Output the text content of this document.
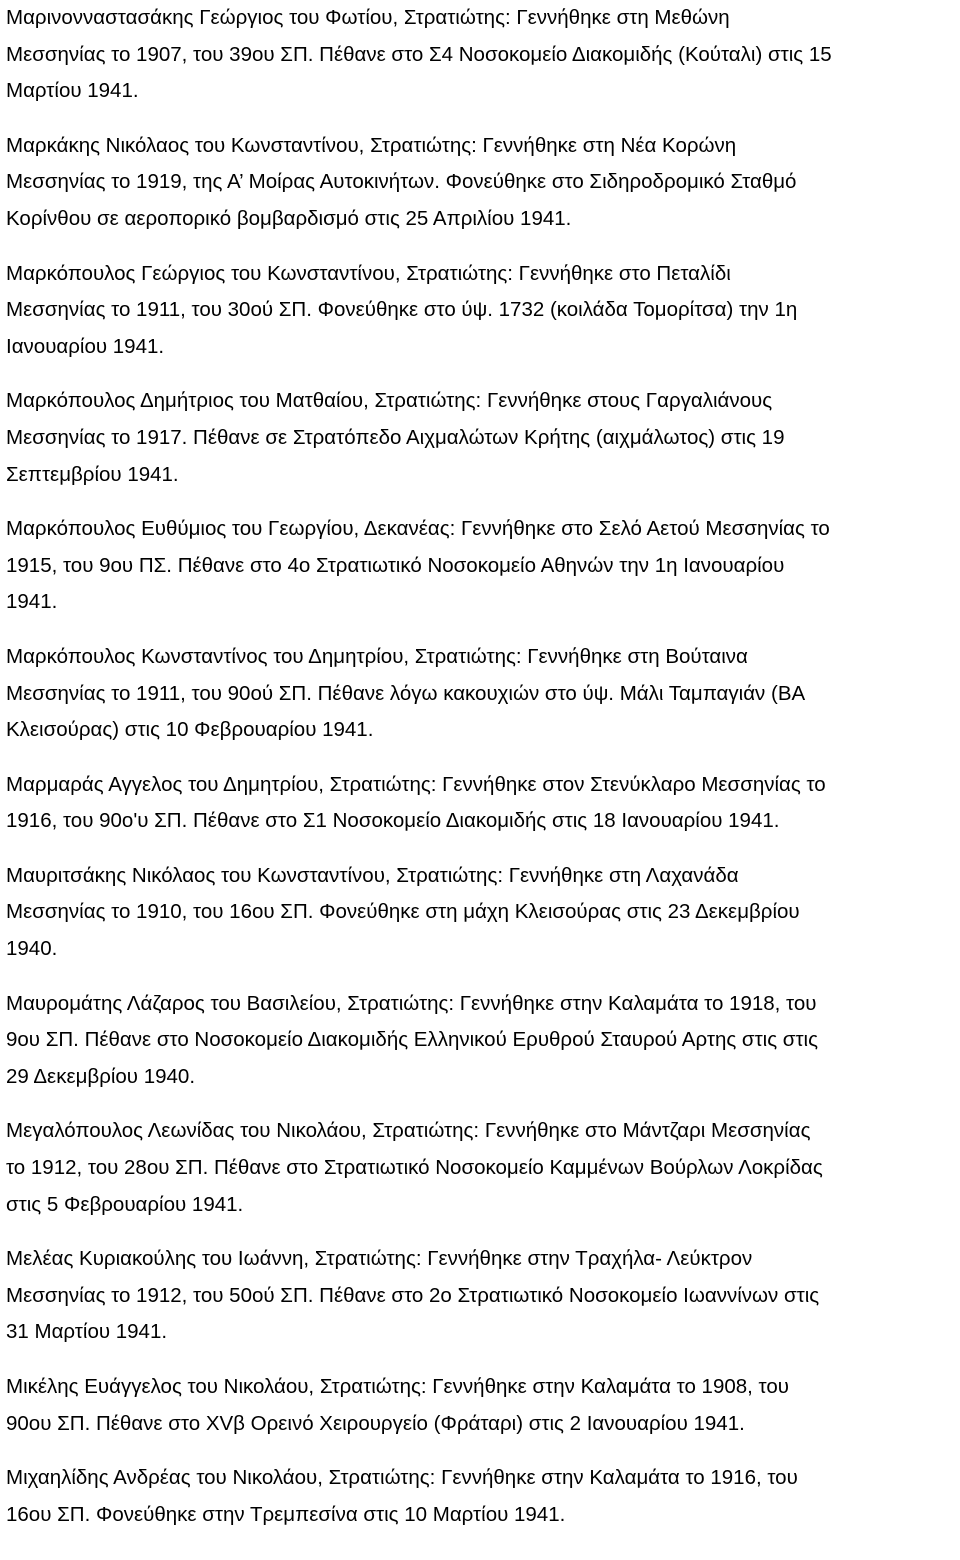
Μαρινονναστασάκης Γεώργιος του Φωτίου, Στρατιώτης: Γεννήθηκε στη Μεθώνη
Μεσσηνίας το 1907, του 39ου ΣΠ. Πέθανε στο Σ4 Νοσοκομείο Διακομιδής (Κούταλι) στις 15
Μαρτίου 1941.

Μαρκάκης Νικόλαος του Κωνσταντίνου, Στρατιώτης: Γεννήθηκε στη Νέα Κορώνη
Μεσσηνίας το 1919, της Α’ Μοίρας Αυτοκινήτων. Φονεύθηκε στο Σιδηροδρομικό Σταθμό
Κορίνθου σε αεροπορικό βομβαρδισμό στις 25 Απριλίου 1941.

Μαρκόπουλος Γεώργιος του Κωνσταντίνου, Στρατιώτης: Γεννήθηκε στο Πεταλίδι
Μεσσηνίας το 1911, του 30ού ΣΠ. Φονεύθηκε στο ύψ. 1732 (κοιλάδα Τομορίτσα) την 1η
Ιανουαρίου 1941.

Μαρκόπουλος Δημήτριος του Ματθαίου, Στρατιώτης: Γεννήθηκε στους Γαργαλιάνους
Μεσσηνίας το 1917. Πέθανε σε Στρατόπεδο Αιχμαλώτων Κρήτης (αιχμάλωτος) στις 19
Σεπτεμβρίου 1941.

Μαρκόπουλος Ευθύμιος του Γεωργίου, Δεκανέας: Γεννήθηκε στο Σελό Αετού Μεσσηνίας το
1915, του 9ου ΠΣ. Πέθανε στο 4ο Στρατιωτικό Νοσοκομείο Αθηνών την 1η Ιανουαρίου
1941.

Μαρκόπουλος Κωνσταντίνος του Δημητρίου, Στρατιώτης: Γεννήθηκε στη Βούταινα
Μεσσηνίας το 1911, του 90ού ΣΠ. Πέθανε λόγω κακουχιών στο ύψ. Μάλι Ταμπαγιάν (ΒΑ
Κλεισούρας) στις 10 Φεβρουαρίου 1941.

Μαρμαράς Αγγελος του Δημητρίου, Στρατιώτης: Γεννήθηκε στον Στενύκλαρο Μεσσηνίας το
1916, του 90ο'υ ΣΠ. Πέθανε στο Σ1 Νοσοκομείο Διακομιδής στις 18 Ιανουαρίου 1941.

Μαυριτσάκης Νικόλαος του Κωνσταντίνου, Στρατιώτης: Γεννήθηκε στη Λαχανάδα
Μεσσηνίας το 1910, του 16ου ΣΠ. Φονεύθηκε στη μάχη Κλεισούρας στις 23 Δεκεμβρίου
1940.

Μαυρομάτης Λάζαρος του Βασιλείου, Στρατιώτης: Γεννήθηκε στην Καλαμάτα το 1918, του
9ου ΣΠ. Πέθανε στο Νοσοκομείο Διακομιδής Ελληνικού Ερυθρού Σταυρού Αρτης στις στις
29 Δεκεμβρίου 1940.

Μεγαλόπουλος Λεωνίδας του Νικολάου, Στρατιώτης: Γεννήθηκε στο Μάντζαρι Μεσσηνίας
το 1912, του 28ου ΣΠ. Πέθανε στο Στρατιωτικό Νοσοκομείο Καμμένων Βούρλων Λοκρίδας
στις 5 Φεβρουαρίου 1941.

Μελέας Κυριακούλης του Ιωάννη, Στρατιώτης: Γεννήθηκε στην Τραχήλα- Λεύκτρον
Μεσσηνίας το 1912, του 50ού ΣΠ. Πέθανε στο 2ο Στρατιωτικό Νοσοκομείο Ιωαννίνων στις
31 Μαρτίου 1941.

Μικέλης Ευάγγελος του Νικολάου, Στρατιώτης: Γεννήθηκε στην Καλαμάτα το 1908, του
90ου ΣΠ. Πέθανε στο ΧVβ Ορεινό Χειρουργείο (Φράταρι) στις 2 Ιανουαρίου 1941.

Μιχαηλίδης Ανδρέας του Νικολάου, Στρατιώτης: Γεννήθηκε στην Καλαμάτα το 1916, του
16ου ΣΠ. Φονεύθηκε στην Τρεμπεσίνα στις 10 Μαρτίου 1941.
